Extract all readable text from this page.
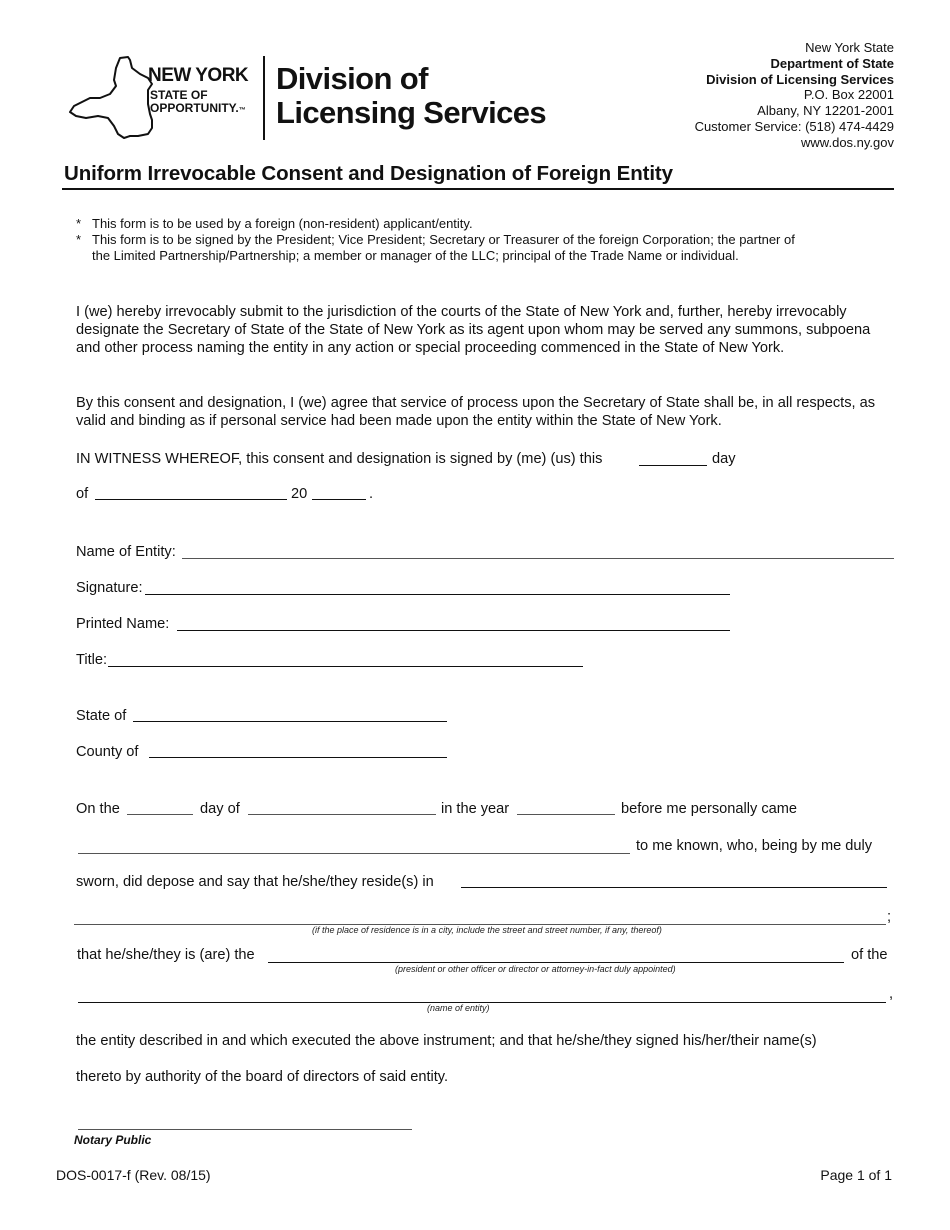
NEW YORK
STATE OF
OPPORTUNITY.™
Division of
Licensing Services
New York State
Department of State
Division of Licensing Services
P.O. Box 22001
Albany, NY 12201-2001
Customer Service: (518) 474-4429
www.dos.ny.gov
Uniform Irrevocable Consent and Designation of Foreign Entity
* This form is to be used by a foreign (non-resident) applicant/entity.
* This form is to be signed by the President; Vice President; Secretary or Treasurer of the foreign Corporation; the partner of the Limited Partnership/Partnership; a member or manager of the LLC; principal of the Trade Name or individual.
I (we) hereby irrevocably submit to the jurisdiction of the courts of the State of New York and, further, hereby irrevocably designate the Secretary of State of the State of New York as its agent upon whom may be served any summons, subpoena and other process naming the entity in any action or special proceeding commenced in the State of New York.
By this consent and designation, I (we) agree that service of process upon the Secretary of State shall be, in all respects, as valid and binding as if personal service had been made upon the entity within the State of New York.
IN WITNESS WHEREOF, this consent and designation is signed by (me) (us) this	day
of	20	.
Name of Entity:
Signature:
Printed Name:
Title:
State of
County of
On the	day of	in the year	before me personally came
to me known, who, being by me duly
sworn, did depose and say that he/she/they reside(s) in
;
(if the place of residence is in a city, include the street and street number, if any, thereof)
that he/she/they is (are) the	of the
(president or other officer or director or attorney-in-fact duly appointed)
,
(name of entity)
the entity described in and which executed the above instrument; and that he/she/they signed his/her/their name(s)
thereto by authority of the board of directors of said entity.
Notary Public
DOS-0017-f (Rev. 08/15)	Page 1 of 1
